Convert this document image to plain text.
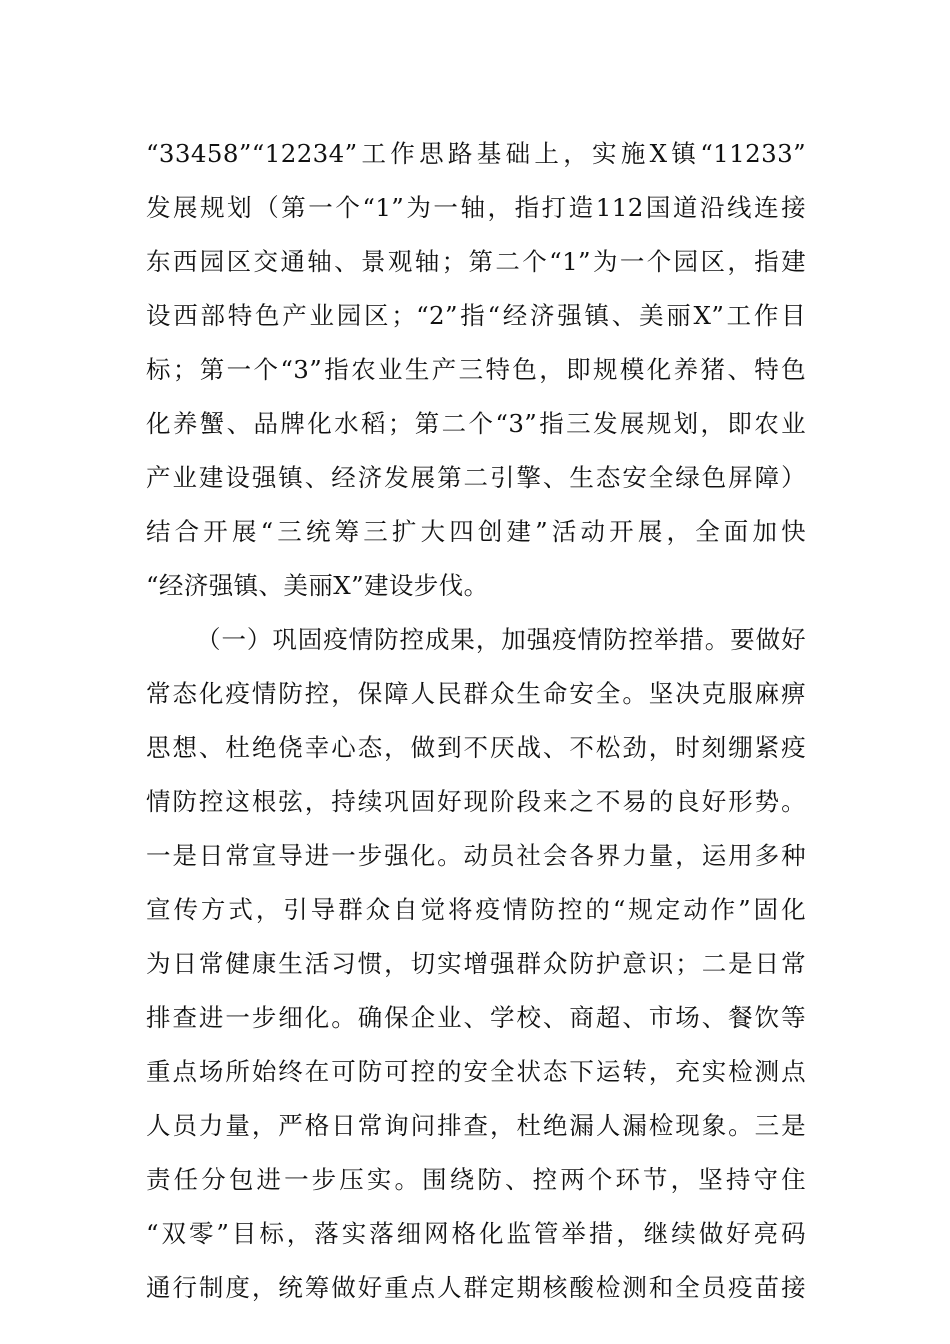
“33458”“12234”工作思路基础上，实施X镇“11233”
发展规划（第一个“1”为一轴，指打造112国道沿线连接
东西园区交通轴、景观轴；第二个“1”为一个园区，指建
设西部特色产业园区；“2”指“经济强镇、美丽X”工作目
标；第一个“3”指农业生产三特色，即规模化养猪、特色
化养蟹、品牌化水稻；第二个“3”指三发展规划，即农业
产业建设强镇、经济发展第二引擎、生态安全绿色屏障）
结合开展“三统筹三扩大四创建”活动开展，全面加快
“经济强镇、美丽X”建设步伐。
（一）巩固疫情防控成果，加强疫情防控举措。要做好
常态化疫情防控，保障人民群众生命安全。坚决克服麻痹
思想、杜绝侥幸心态，做到不厌战、不松劲，时刻绷紧疫
情防控这根弦，持续巩固好现阶段来之不易的良好形势。
一是日常宣导进一步强化。动员社会各界力量，运用多种
宣传方式，引导群众自觉将疫情防控的“规定动作”固化
为日常健康生活习惯，切实增强群众防护意识；二是日常
排查进一步细化。确保企业、学校、商超、市场、餐饮等
重点场所始终在可防可控的安全状态下运转，充实检测点
人员力量，严格日常询问排查，杜绝漏人漏检现象。三是
责任分包进一步压实。围绕防、控两个环节，坚持守住
“双零”目标，落实落细网格化监管举措，继续做好亮码
通行制度，统筹做好重点人群定期核酸检测和全员疫苗接
